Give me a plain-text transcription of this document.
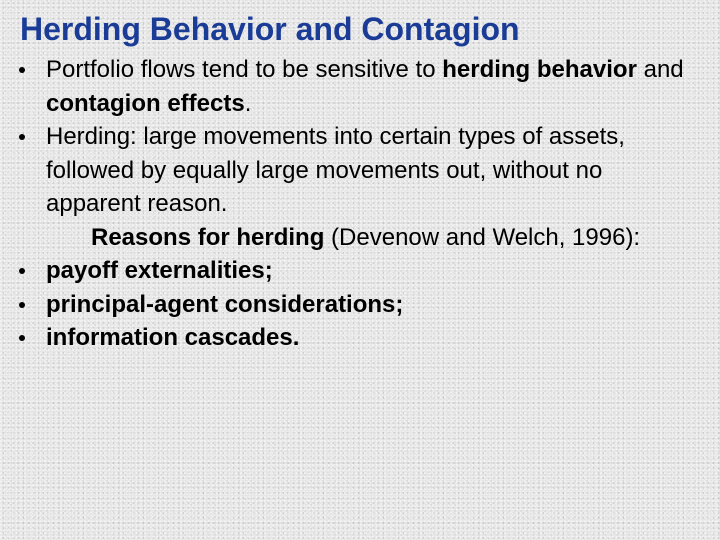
Herding Behavior and Contagion
Portfolio flows tend to be sensitive to herding behavior and contagion effects.
Herding: large movements into certain types of assets, followed by equally large movements out, without no apparent reason.
Reasons for herding (Devenow and Welch, 1996):
payoff externalities;
principal-agent considerations;
information cascades.
